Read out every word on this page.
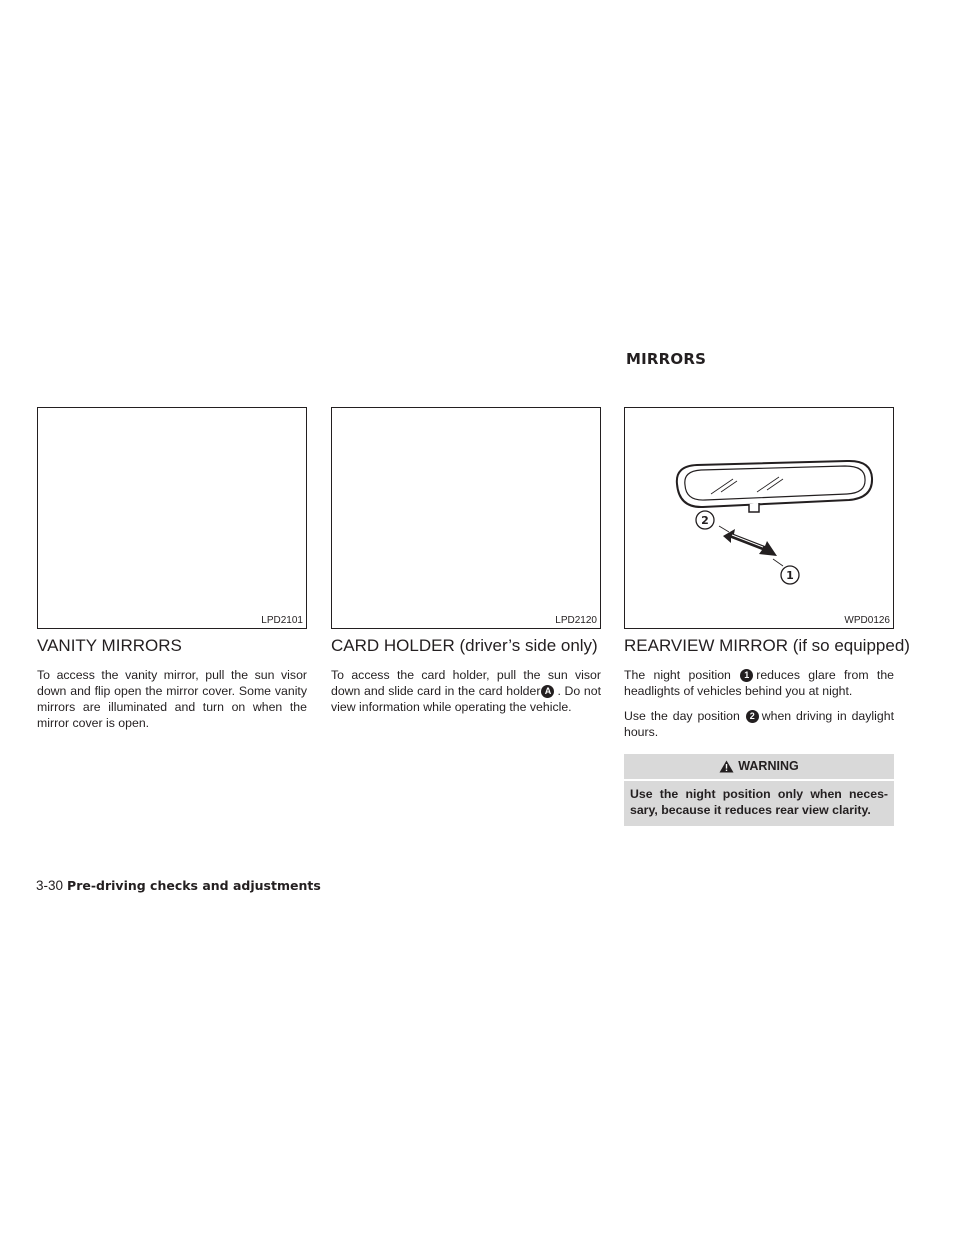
MIRRORS
LPD2101	LPD2120
2
1
WPD0126
VANITY MIRRORS

To access the vanity mirror, pull the sun visor down and flip open the mirror cover. Some vanity mirrors are illuminated and turn on when the mirror cover is open.

CARD HOLDER (driver’s side only)

To access the card holder, pull the sun visor down and slide card in the card holder A . Do not view information while operating the vehicle.

REARVIEW MIRROR (if so equipped)

The night position 1 reduces glare from the headlights of vehicles behind you at night.

Use the day position 2 when driving in daylight hours.

WARNING
Use the night position only when neces- sary, because it reduces rear view clarity.
3-30 Pre-driving checks and adjustments
